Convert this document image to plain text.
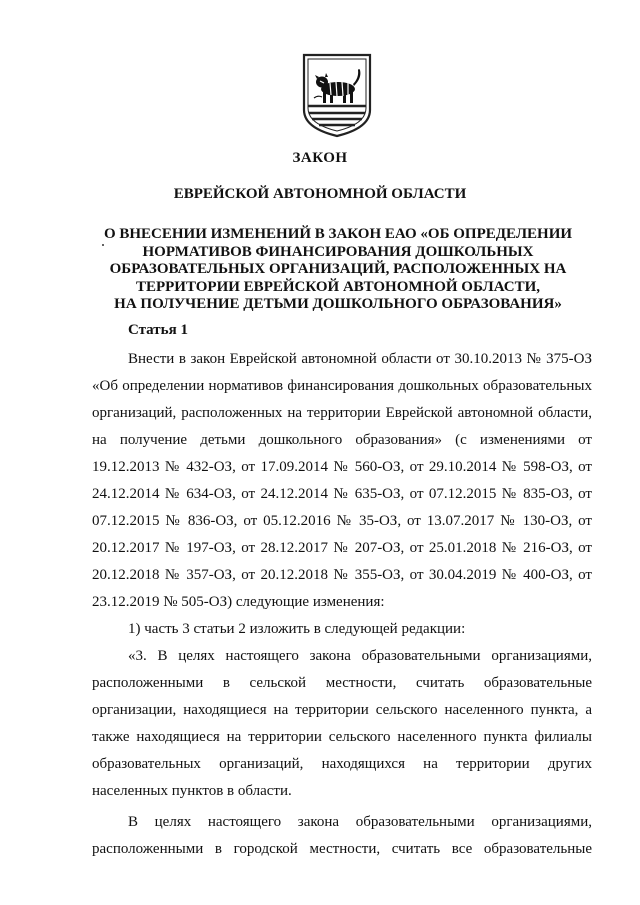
ЗАКОН
ЕВРЕЙСКОЙ АВТОНОМНОЙ ОБЛАСТИ
О ВНЕСЕНИИ ИЗМЕНЕНИЙ В ЗАКОН ЕАО «ОБ ОПРЕДЕЛЕНИИ
НОРМАТИВОВ ФИНАНСИРОВАНИЯ ДОШКОЛЬНЫХ
ОБРАЗОВАТЕЛЬНЫХ ОРГАНИЗАЦИЙ, РАСПОЛОЖЕННЫХ НА
ТЕРРИТОРИИ ЕВРЕЙСКОЙ АВТОНОМНОЙ ОБЛАСТИ,
НА ПОЛУЧЕНИЕ ДЕТЬМИ ДОШКОЛЬНОГО ОБРАЗОВАНИЯ»
Статья 1

Внести в закон Еврейской автономной области от 30.10.2013 № 375-ОЗ «Об определении нормативов финансирования дошкольных образовательных организаций, расположенных на территории Еврейской автономной области, на получение детьми дошкольного образования» (с изменениями от 19.12.2013 № 432-ОЗ, от 17.09.2014 № 560-ОЗ, от 29.10.2014 № 598-ОЗ, от 24.12.2014 № 634-ОЗ, от 24.12.2014 № 635-ОЗ, от 07.12.2015 № 835-ОЗ, от 07.12.2015 № 836-ОЗ, от 05.12.2016 № 35-ОЗ, от 13.07.2017 № 130-ОЗ, от 20.12.2017 № 197-ОЗ, от 28.12.2017 № 207-ОЗ, от 25.01.2018 № 216-ОЗ, от 20.12.2018 № 357-ОЗ, от 20.12.2018 № 355-ОЗ, от 30.04.2019 № 400-ОЗ, от 23.12.2019 № 505-ОЗ) следующие изменения:

1) часть 3 статьи 2 изложить в следующей редакции:

«3. В целях настоящего закона образовательными организациями, расположенными в сельской местности, считать образовательные организации, находящиеся на территории сельского населенного пункта, а также находящиеся на территории сельского населенного пункта филиалы образовательных организаций, находящихся на территории других населенных пунктов в области.

В целях настоящего закона образовательными организациями, расположенными в городской местности, считать все образовательные
